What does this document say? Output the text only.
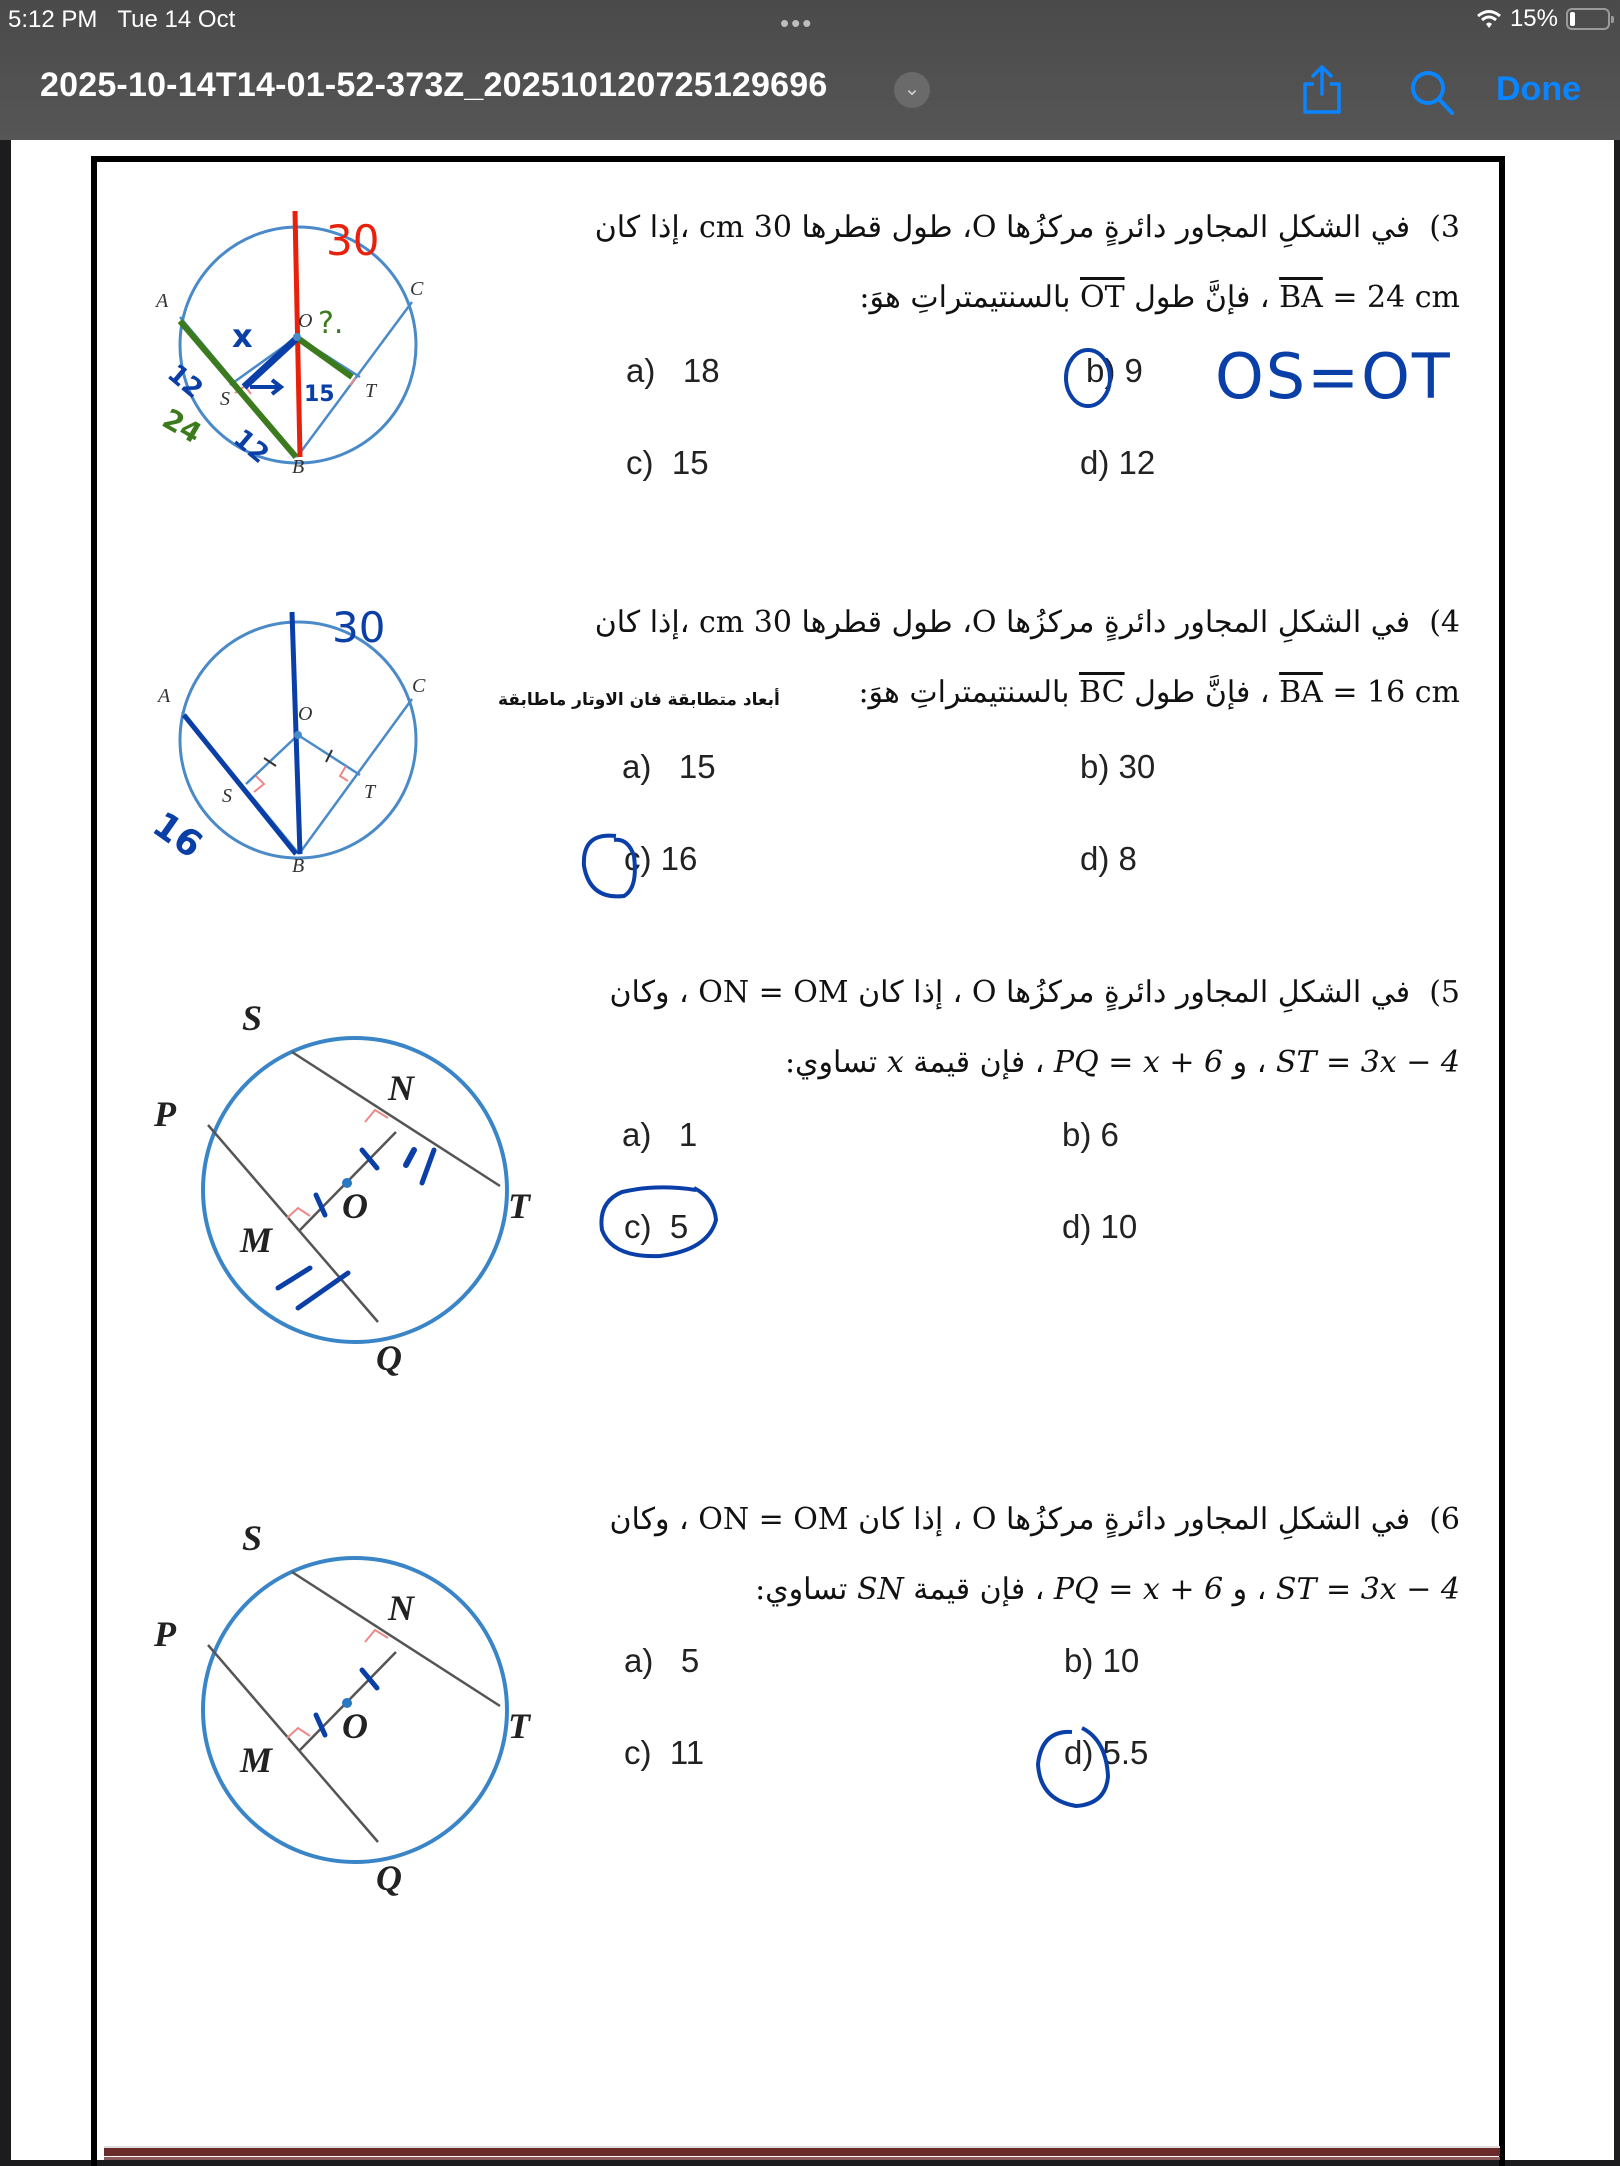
5:12 PM Tue 14 Oct	•••	15%
2025-10-14T14-01-52-373Z_202510120725129696	⌄	Done
3)  في الشكلِ المجاور دائرةٍ مركزُها O، طول قطرها 30 cm ،إذا كان
$\overline{BA} = 24$ cm ، فإنَّ طول $\overline{OT}$ بالسنتيمتراتِ هوَ:
a) 18	b) 9
c) 15	d) 12
OS=OT
A
B
C
O
S	T
30
?.
x
12
12
24
15
4)  في الشكلِ المجاور دائرةٍ مركزُها O، طول قطرها 30 cm ،إذا كان
$\overline{BA} = 16$ cm ، فإنَّ طول $\overline{BC}$ بالسنتيمتراتِ هوَ:
أبعاد متطابقة فان الاوتار ماطابقة
a) 15	b) 30
c) 16	d) 8
A
B
C
O
S	T
30
16
5)  في الشكلِ المجاور دائرةٍ مركزُها O ، إذا كان ON = OM ، وكان
ST = 3x − 4 ، و PQ = x + 6 ، فإن قيمة x تساوي:
a) 1	b) 6
c) 5	d) 10
S
N
P
O	T
M
Q
6)  في الشكلِ المجاور دائرةٍ مركزُها O ، إذا كان ON = OM ، وكان
ST = 3x − 4 ، و PQ = x + 6 ، فإن قيمة SN تساوي:
a) 5	b) 10
c) 11	d) 5.5
S
N
P
O	T
M
Q
